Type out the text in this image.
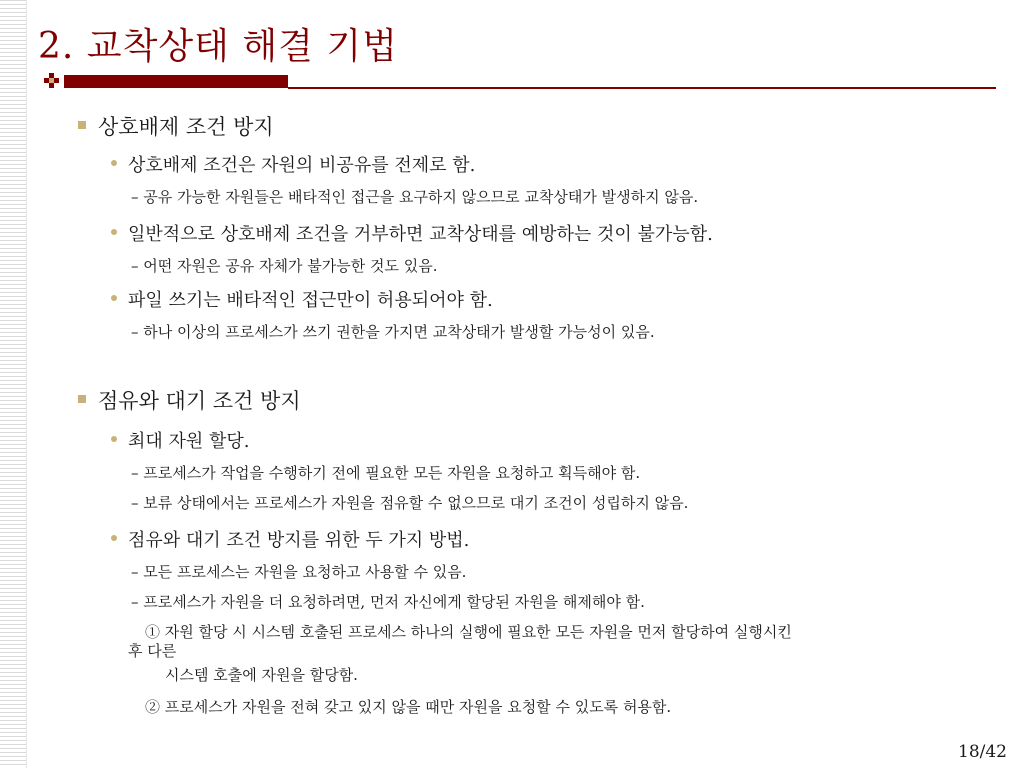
2. 교착상태 해결 기법
상호배제 조건 방지
상호배제 조건은 자원의 비공유를 전제로 함.
– 공유 가능한 자원들은 배타적인 접근을 요구하지 않으므로 교착상태가 발생하지 않음.
일반적으로 상호배제 조건을 거부하면 교착상태를 예방하는 것이 불가능함.
– 어떤 자원은 공유 자체가 불가능한 것도 있음.
파일 쓰기는 배타적인 접근만이 허용되어야 함.
– 하나 이상의 프로세스가 쓰기 권한을 가지면 교착상태가 발생할 가능성이 있음.
점유와 대기 조건 방지
최대 자원 할당.
– 프로세스가 작업을 수행하기 전에 필요한 모든 자원을 요청하고 획득해야 함.
– 보류 상태에서는 프로세스가 자원을 점유할 수 없으므로 대기 조건이 성립하지 않음.
점유와 대기 조건 방지를 위한 두 가지 방법.
– 모든 프로세스는 자원을 요청하고 사용할 수 있음.
– 프로세스가 자원을 더 요청하려면, 먼저 자신에게 할당된 자원을 해제해야 함.
① 자원 할당 시 시스템 호출된 프로세스 하나의 실행에 필요한 모든 자원을 먼저 할당하여 실행시킨
후 다른
시스템 호출에 자원을 할당함.
② 프로세스가 자원을 전혀 갖고 있지 않을 때만 자원을 요청할 수 있도록 허용함.
18/42
